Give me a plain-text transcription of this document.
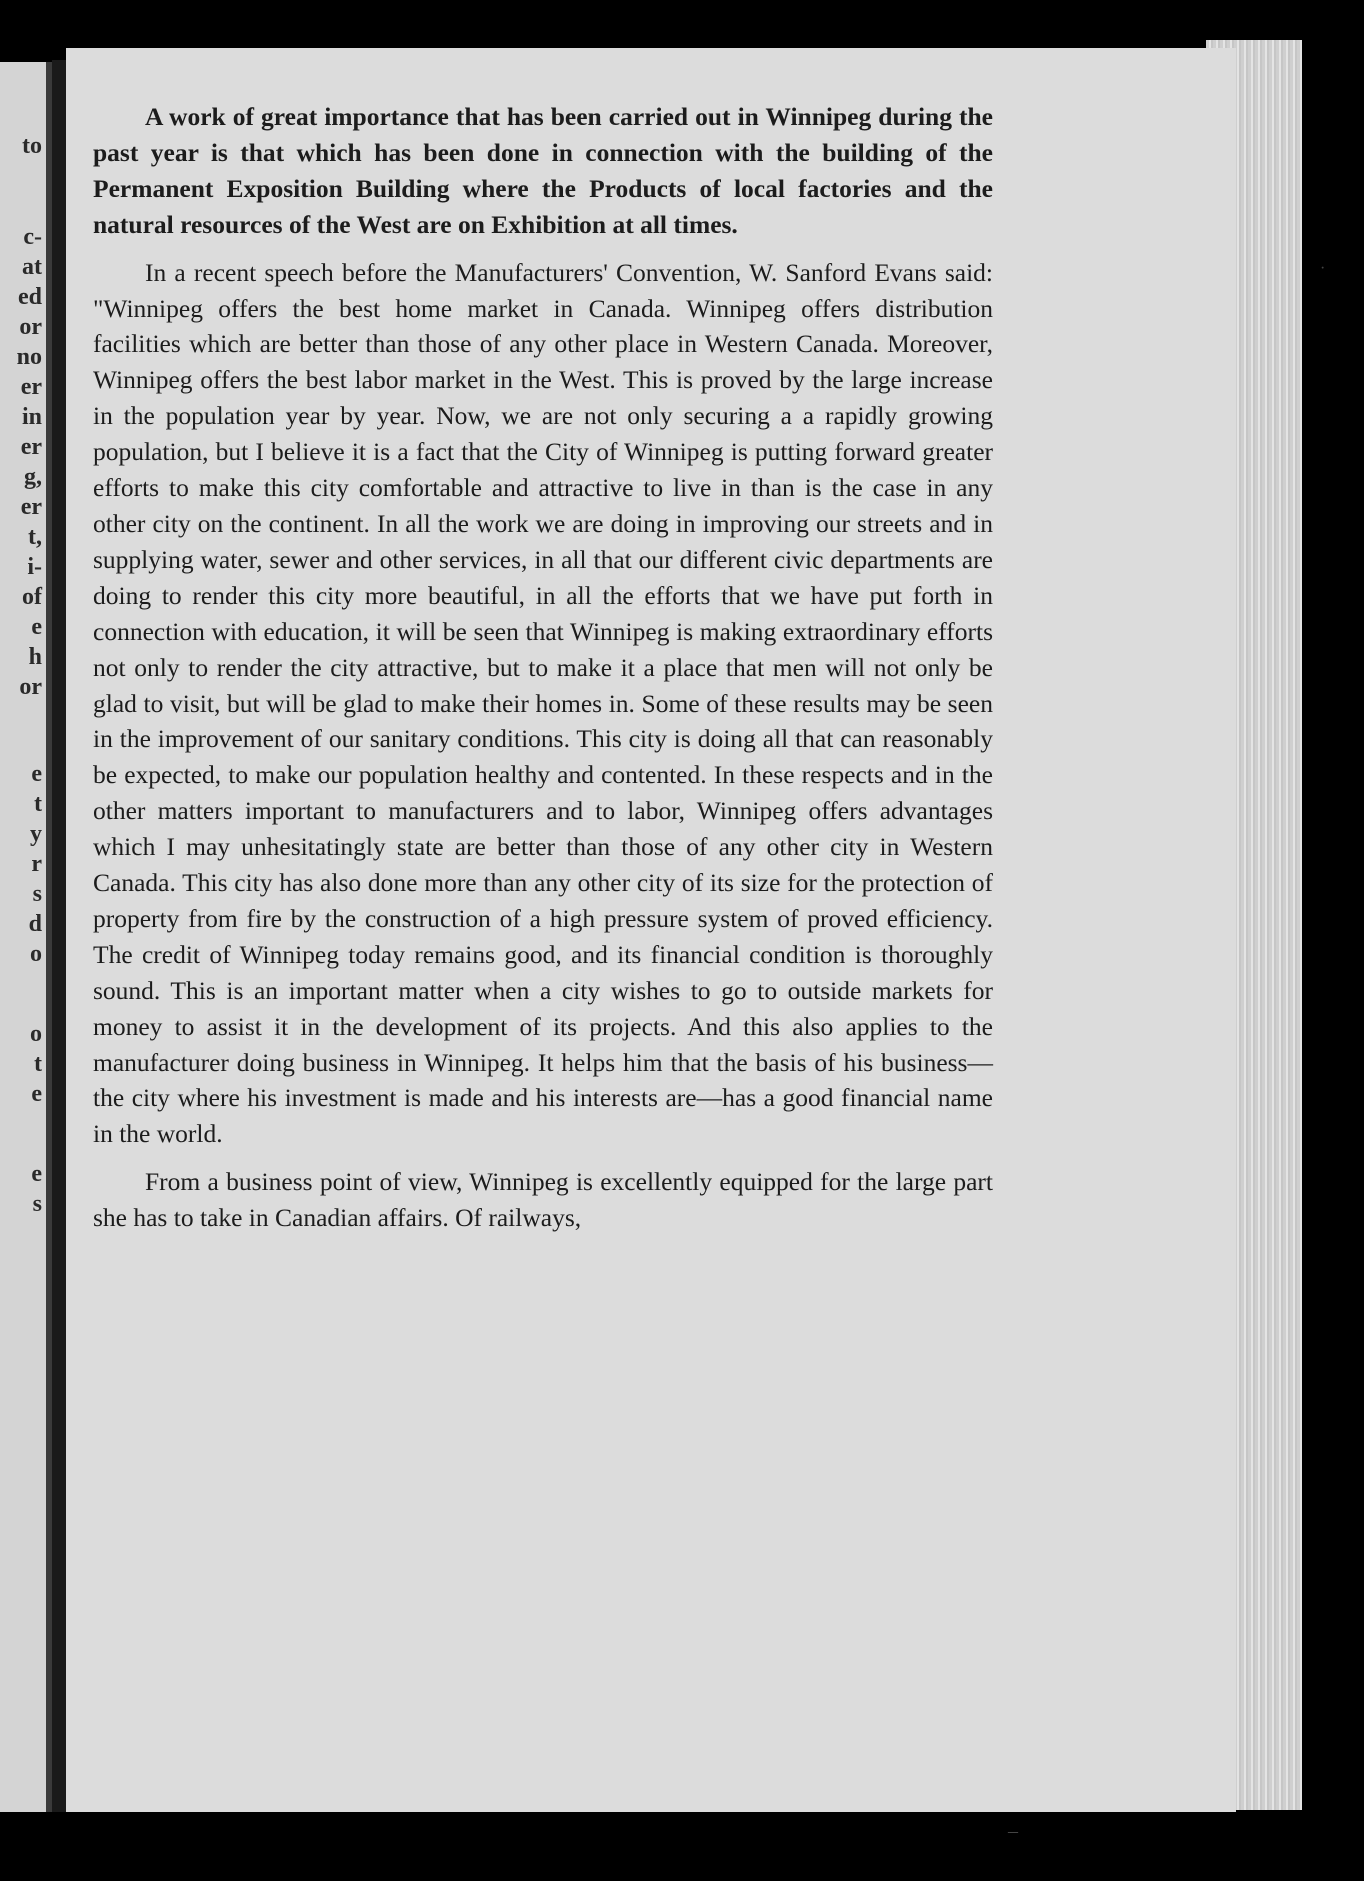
to
c-
at
ed
or
no
er
in
er
g,
er
t,
i-
of
e
h
or
e
t
y
r
s
d
o
o
t
e
e
s

A work of great importance that has been carried out in Winnipeg during the past year is that which has been done in connection with the building of the Permanent Exposition Building where the Products of local factories and the natural resources of the West are on Exhibition at all times.

In a recent speech before the Manufacturers' Convention, W. Sanford Evans said: "Winnipeg offers the best home market in Canada. Winnipeg offers distribution facilities which are better than those of any other place in Western Canada. Moreover, Winnipeg offers the best labor market in the West. This is proved by the large increase in the population year by year. Now, we are not only securing a a rapidly growing population, but I believe it is a fact that the City of Winnipeg is putting forward greater efforts to make this city comfortable and attractive to live in than is the case in any other city on the continent. In all the work we are doing in improving our streets and in supplying water, sewer and other services, in all that our different civic departments are doing to render this city more beautiful, in all the efforts that we have put forth in connection with education, it will be seen that Winnipeg is making extraordinary efforts not only to render the city attractive, but to make it a place that men will not only be glad to visit, but will be glad to make their homes in. Some of these results may be seen in the improvement of our sanitary conditions. This city is doing all that can reasonably be expected, to make our population healthy and contented. In these respects and in the other matters important to manufacturers and to labor, Winnipeg offers advantages which I may unhesitatingly state are better than those of any other city in Western Canada. This city has also done more than any other city of its size for the protection of property from fire by the construction of a high pressure system of proved efficiency. The credit of Winnipeg today remains good, and its financial condition is thoroughly sound. This is an important matter when a city wishes to go to outside markets for money to assist it in the development of its projects. And this also applies to the manufacturer doing business in Winnipeg. It helps him that the basis of his business—the city where his investment is made and his interests are—has a good financial name in the world.

From a business point of view, Winnipeg is excellently equipped for the large part she has to take in Canadian affairs. Of railways,

·
–
